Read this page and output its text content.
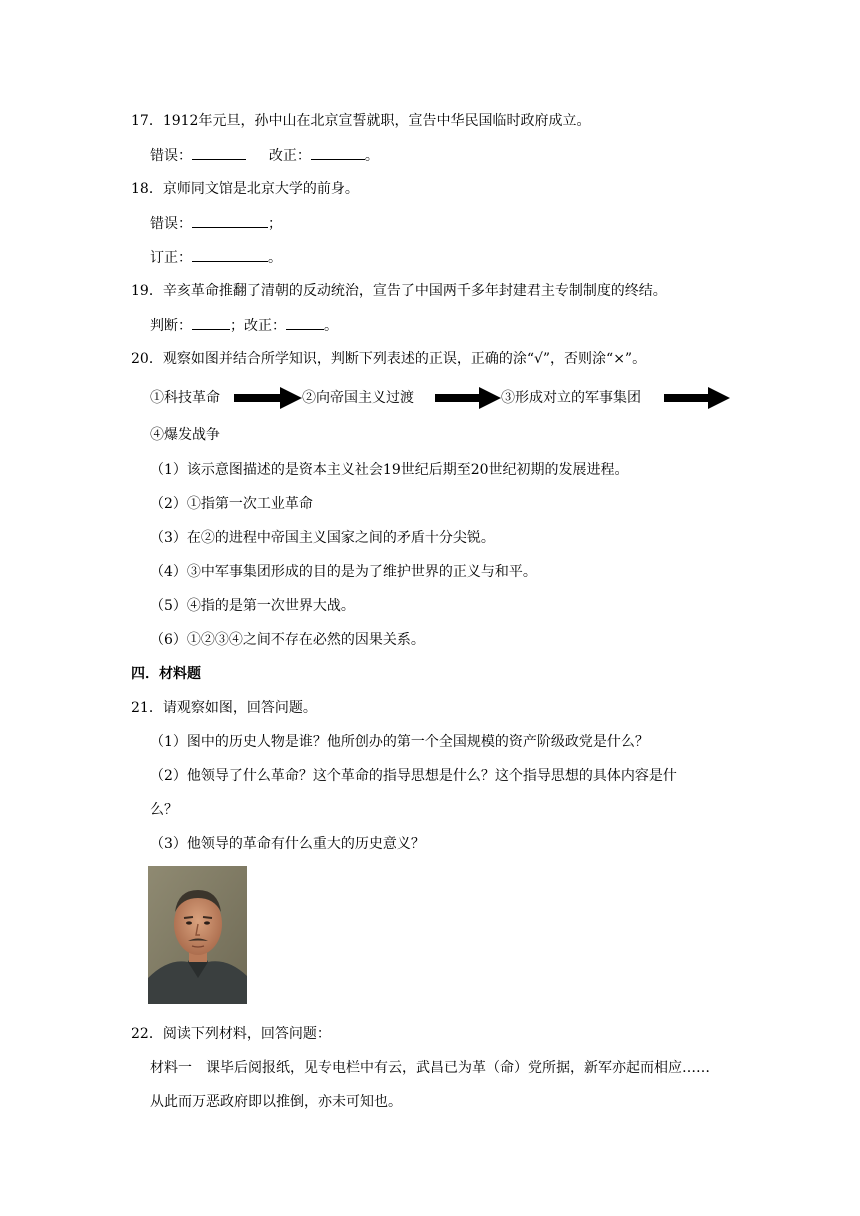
17．1912年元旦，孙中山在北京宣誓就职，宣告中华民国临时政府成立。
错误：	改正：	。
18．京师同文馆是北京大学的前身。
错误：	；
订正：	。
19．辛亥革命推翻了清朝的反动统治，宣告了中国两千多年封建君主专制制度的终结。
判断：	；改正：	。
20．观察如图并结合所学知识，判断下列表述的正误，正确的涂“√”，否则涂“×”。
①科技革命	②向帝国主义过渡	③形成对立的军事集团
④爆发战争
（1）该示意图描述的是资本主义社会19世纪后期至20世纪初期的发展进程。
（2）①指第一次工业革命
（3）在②的进程中帝国主义国家之间的矛盾十分尖锐。
（4）③中军事集团形成的目的是为了维护世界的正义与和平。
（5）④指的是第一次世界大战。
（6）①②③④之间不存在必然的因果关系。
四．材料题
21．请观察如图，回答问题。
（1）图中的历史人物是谁？他所创办的第一个全国规模的资产阶级政党是什么？
（2）他领导了什么革命？这个革命的指导思想是什么？这个指导思想的具体内容是什
么？
（3）他领导的革命有什么重大的历史意义？
22．阅读下列材料，回答问题：
材料一　课毕后阅报纸，见专电栏中有云，武昌已为革（命）党所据，新军亦起而相应……
从此而万恶政府即以推倒，亦未可知也。
